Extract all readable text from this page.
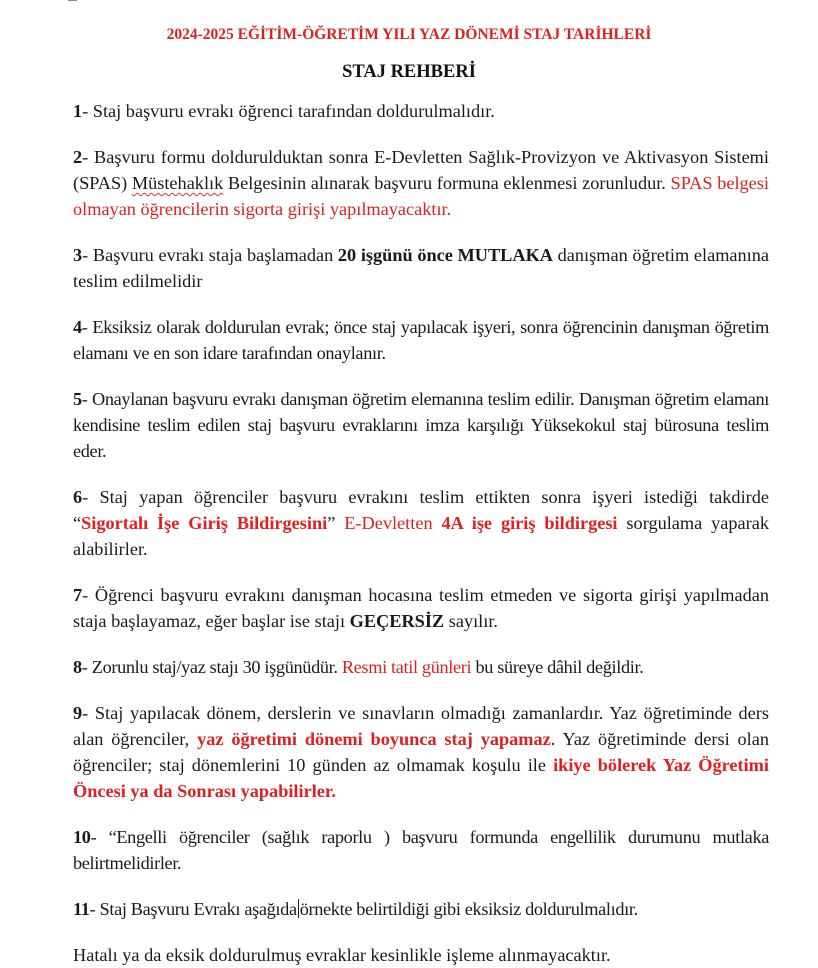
2024-2025 EĞİTİM-ÖĞRETİM YILI YAZ DÖNEMİ STAJ TARİHLERİ
STAJ REHBERİ

1- Staj başvuru evrakı öğrenci tarafından doldurulmalıdır.

2- Başvuru formu doldurulduktan sonra E-Devletten Sağlık-Provizyon ve Aktivasyon Sistemi (SPAS) Müstehaklık Belgesinin alınarak başvuru formuna eklenmesi zorunludur. SPAS belgesi olmayan öğrencilerin sigorta girişi yapılmayacaktır.

3- Başvuru evrakı staja başlamadan 20 işgünü önce MUTLAKA danışman öğretim elamanına teslim edilmelidir

4- Eksiksiz olarak doldurulan evrak; önce staj yapılacak işyeri, sonra öğrencinin danışman öğretim elamanı ve en son idare tarafından onaylanır.

5- Onaylanan başvuru evrakı danışman öğretim elemanına teslim edilir. Danışman öğretim elamanı kendisine teslim edilen staj başvuru evraklarını imza karşılığı Yüksekokul staj bürosuna teslim eder.

6- Staj yapan öğrenciler başvuru evrakını teslim ettikten sonra işyeri istediği takdirde “Sigortalı İşe Giriş Bildirgesini” E-Devletten 4A işe giriş bildirgesi sorgulama yaparak alabilirler.

7- Öğrenci başvuru evrakını danışman hocasına teslim etmeden ve sigorta girişi yapılmadan staja başlayamaz, eğer başlar ise stajı GEÇERSİZ sayılır.

8- Zorunlu staj/yaz stajı 30 işgünüdür. Resmi tatil günleri bu süreye dâhil değildir.

9- Staj yapılacak dönem, derslerin ve sınavların olmadığı zamanlardır. Yaz öğretiminde ders alan öğrenciler, yaz öğretimi dönemi boyunca staj yapamaz. Yaz öğretiminde dersi olan öğrenciler; staj dönemlerini 10 günden az olmamak koşulu ile ikiye bölerek Yaz Öğretimi Öncesi ya da Sonrası yapabilirler.

10- “Engelli öğrenciler (sağlık raporlu ) başvuru formunda engellilik durumunu mutlaka belirtmelidirler.

11- Staj Başvuru Evrakı aşağıda örnekte belirtildiği gibi eksiksiz doldurulmalıdır.

Hatalı ya da eksik doldurulmuş evraklar kesinlikle işleme alınmayacaktır.
